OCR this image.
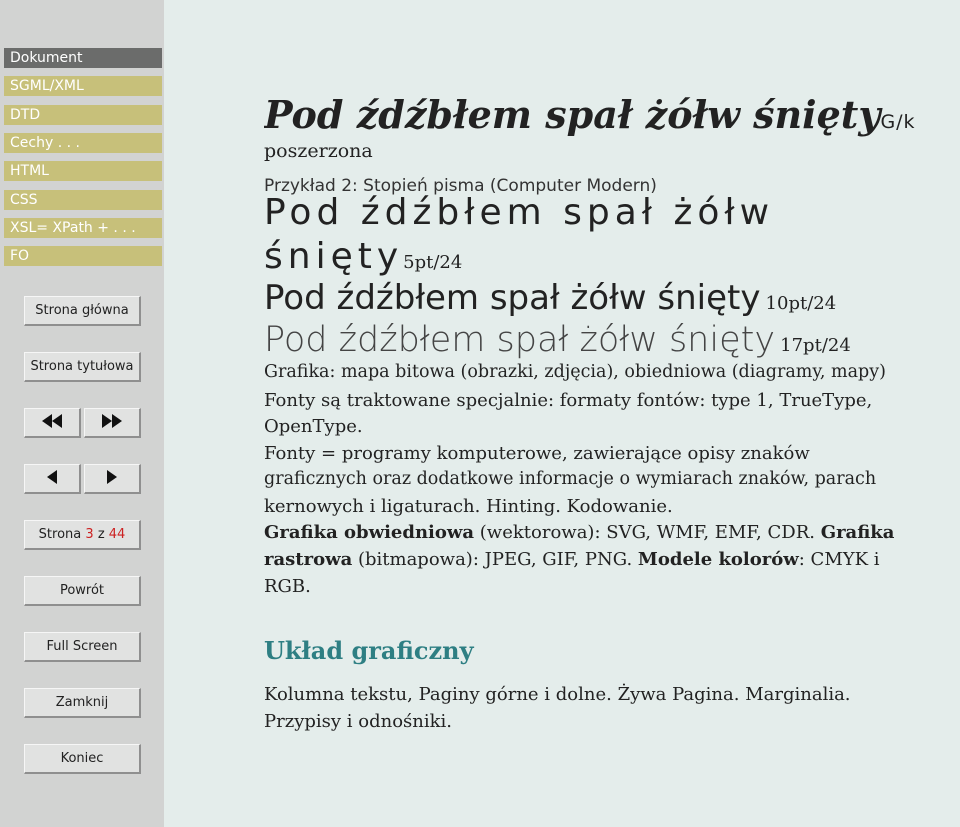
Dokument
SGML/XML
DTD
Cechy . . .
HTML
CSS
XSL= XPath + . . .
FO
Strona główna
Strona tytułowa
Strona
3
z
44
Powrót
Full Screen
Zamknij
Koniec
Pod źdźbłem spał żółw śniętyG/k
poszerzona
Przykład 2: Stopień pisma (Computer Modern)
Pod źdźbłem spał żółw
śnięty5pt/24
Pod źdźbłem spał żółw śnięty 10pt/24
Pod źdźbłem spał żółw śnięty 17pt/24
Grafika: mapa bitowa (obrazki, zdjęcia), obiedniowa (diagramy, mapy)
Fonty są traktowane specjalnie: formaty fontów: type 1, TrueType,
OpenType.
Fonty = programy komputerowe, zawierające opisy znaków
graficznych oraz dodatkowe informacje o wymiarach znaków, parach
kernowych i ligaturach. Hinting. Kodowanie.
Grafika obwiedniowa (wektorowa): SVG, WMF, EMF, CDR. Grafika
rastrowa (bitmapowa): JPEG, GIF, PNG. Modele kolorów: CMYK i
RGB.
Układ graficzny
Kolumna tekstu, Paginy górne i dolne. Żywa Pagina. Marginalia.
Przypisy i odnośniki.
